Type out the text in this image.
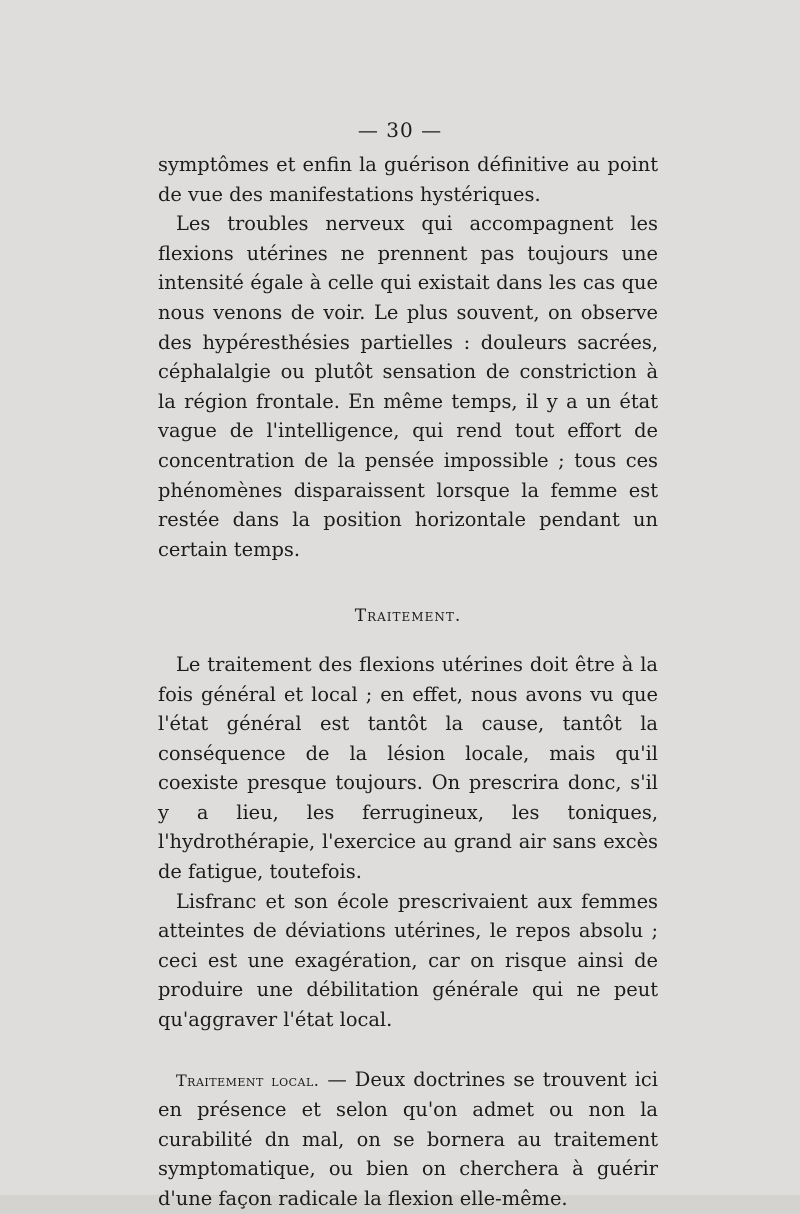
— 30 —

symptômes et enfin la guérison définitive au point de vue des manifestations hystériques.

Les troubles nerveux qui accompagnent les flexions utérines ne prennent pas toujours une intensité égale à celle qui existait dans les cas que nous venons de voir. Le plus souvent, on observe des hypéresthésies partielles : douleurs sacrées, céphalalgie ou plutôt sensation de constriction à la région frontale. En même temps, il y a un état vague de l'intelligence, qui rend tout effort de concentration de la pensée impossible ; tous ces phénomènes disparaissent lorsque la femme est restée dans la position horizontale pendant un certain temps.

Traitement.

Le traitement des flexions utérines doit être à la fois général et local ; en effet, nous avons vu que l'état général est tantôt la cause, tantôt la conséquence de la lésion locale, mais qu'il coexiste presque toujours. On prescrira donc, s'il y a lieu, les ferrugineux, les toniques, l'hydrothérapie, l'exercice au grand air sans excès de fatigue, toutefois.

Lisfranc et son école prescrivaient aux femmes atteintes de déviations utérines, le repos absolu ; ceci est une exagération, car on risque ainsi de produire une débilitation générale qui ne peut qu'aggraver l'état local.

Traitement local. — Deux doctrines se trouvent ici en présence et selon qu'on admet ou non la curabilité dn mal, on se bornera au traitement symptomatique, ou bien on cherchera à guérir d'une façon radicale la flexion elle-même.
